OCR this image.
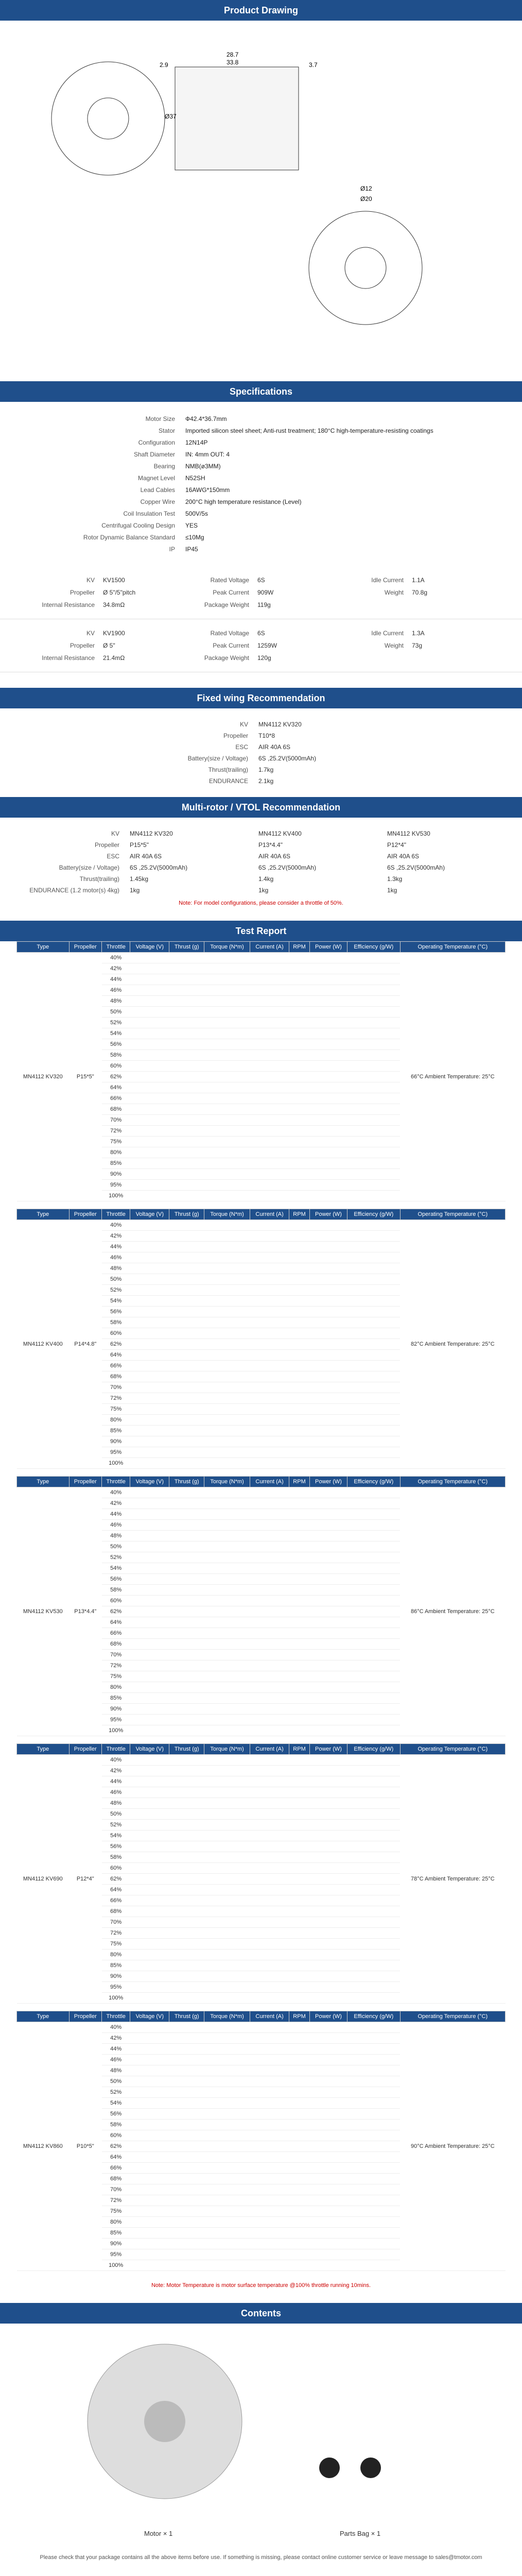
Product Drawing
28.7
33.8
2.9	3.7
Ø37
Ø20
Ø12
Specifications
Motor Size	Ф42.4*36.7mm
Stator	Imported silicon steel sheet; Anti-rust treatment; 180°C high-temperature-resisting coatings
Configuration	12N14P
Shaft Diameter	IN: 4mm OUT: 4
Bearing	NMB(ø3MM)
Magnet Level	N52SH
Lead Cables	16AWG*150mm
Copper Wire	200°C high temperature resistance (Level)
Coil Insulation Test	500V/5s
Centrifugal Cooling Design	YES
Rotor Dynamic Balance Standard	≤10Mg
IP	IP45
KV	KV1500	Rated Voltage	6S	Idle Current	1.1A
Propeller	Ø 5"/5"pitch	Peak Current	909W	Weight	70.8g
Internal Resistance	34.8mΩ	Package Weight	119g
KV	KV1900	Rated Voltage	6S	Idle Current	1.3A
Propeller	Ø 5"	Peak Current	1259W	Weight	73g
Internal Resistance	21.4mΩ	Package Weight	120g
Fixed wing Recommendation
KV	MN4112 KV320
Propeller	T10*8
ESC	AIR 40A 6S
Battery(size / Voltage)	6S ,25.2V(5000mAh)
Thrust(trailing)	1.7kg
ENDURANCE	2.1kg
Multi-rotor / VTOL Recommendation
KV	MN4112 KV320	MN4112 KV400	MN4112 KV530
Propeller	P15*5"	P13*4.4"	P12*4"
ESC	AIR 40A 6S	AIR 40A 6S	AIR 40A 6S
Battery(size / Voltage)	6S ,25.2V(5000mAh)	6S ,25.2V(5000mAh)	6S ,25.2V(5000mAh)
Thrust(trailing)	1.45kg	1.4kg	1.3kg
ENDURANCE (1.2 motor(s) 4kg)	1kg	1kg	1kg
Note: For model configurations, please consider a throttle of 50%.
Test Report
Type	Propeller	Throttle	Voltage (V)	Thrust (g)	Torque (N*m)	Current (A)	RPM	Power (W)	Efficiency (g/W)	Operating Temperature (°C)
MN4112 KV320	P15*5"	40%								66°C Ambient Temperature: 25°C
		42%								
		44%								
		46%								
		48%								
		50%								
		52%								
		54%								
		56%								
		58%								
		60%								
		62%								
		64%								
		66%								
		68%								
		70%								
		72%								
		75%								
		80%								
		85%								
		90%								
		95%								
		100%								
Type	Propeller	Throttle	Voltage (V)	Thrust (g)	Torque (N*m)	Current (A)	RPM	Power (W)	Efficiency (g/W)	Operating Temperature (°C)
MN4112 KV400	P14*4.8"	40%								82°C Ambient Temperature: 25°C
		42%								
		44%								
		46%								
		48%								
		50%								
		52%								
		54%								
		56%								
		58%								
		60%								
		62%								
		64%								
		66%								
		68%								
		70%								
		72%								
		75%								
		80%								
		85%								
		90%								
		95%								
		100%								
Type	Propeller	Throttle	Voltage (V)	Thrust (g)	Torque (N*m)	Current (A)	RPM	Power (W)	Efficiency (g/W)	Operating Temperature (°C)
MN4112 KV530	P13*4.4"	40%								86°C Ambient Temperature: 25°C
		42%								
		44%								
		46%								
		48%								
		50%								
		52%								
		54%								
		56%								
		58%								
		60%								
		62%								
		64%								
		66%								
		68%								
		70%								
		72%								
		75%								
		80%								
		85%								
		90%								
		95%								
		100%								
Type	Propeller	Throttle	Voltage (V)	Thrust (g)	Torque (N*m)	Current (A)	RPM	Power (W)	Efficiency (g/W)	Operating Temperature (°C)
MN4112 KV690	P12*4"	40%								78°C Ambient Temperature: 25°C
		42%								
		44%								
		46%								
		48%								
		50%								
		52%								
		54%								
		56%								
		58%								
		60%								
		62%								
		64%								
		66%								
		68%								
		70%								
		72%								
		75%								
		80%								
		85%								
		90%								
		95%								
		100%								
Type	Propeller	Throttle	Voltage (V)	Thrust (g)	Torque (N*m)	Current (A)	RPM	Power (W)	Efficiency (g/W)	Operating Temperature (°C)
MN4112 KV860	P10*5"	40%								90°C Ambient Temperature: 25°C
		42%								
		44%								
		46%								
		48%								
		50%								
		52%								
		54%								
		56%								
		58%								
		60%								
		62%								
		64%								
		66%								
		68%								
		70%								
		72%								
		75%								
		80%								
		85%								
		90%								
		95%								
		100%								
Note: Motor Temperature is motor surface temperature @100% throttle running 10mins.
Contents
Motor × 1	Parts Bag × 1
Please check that your package contains all the above items before use. If something is missing, please contact online customer service or leave message to sales@tmotor.com
